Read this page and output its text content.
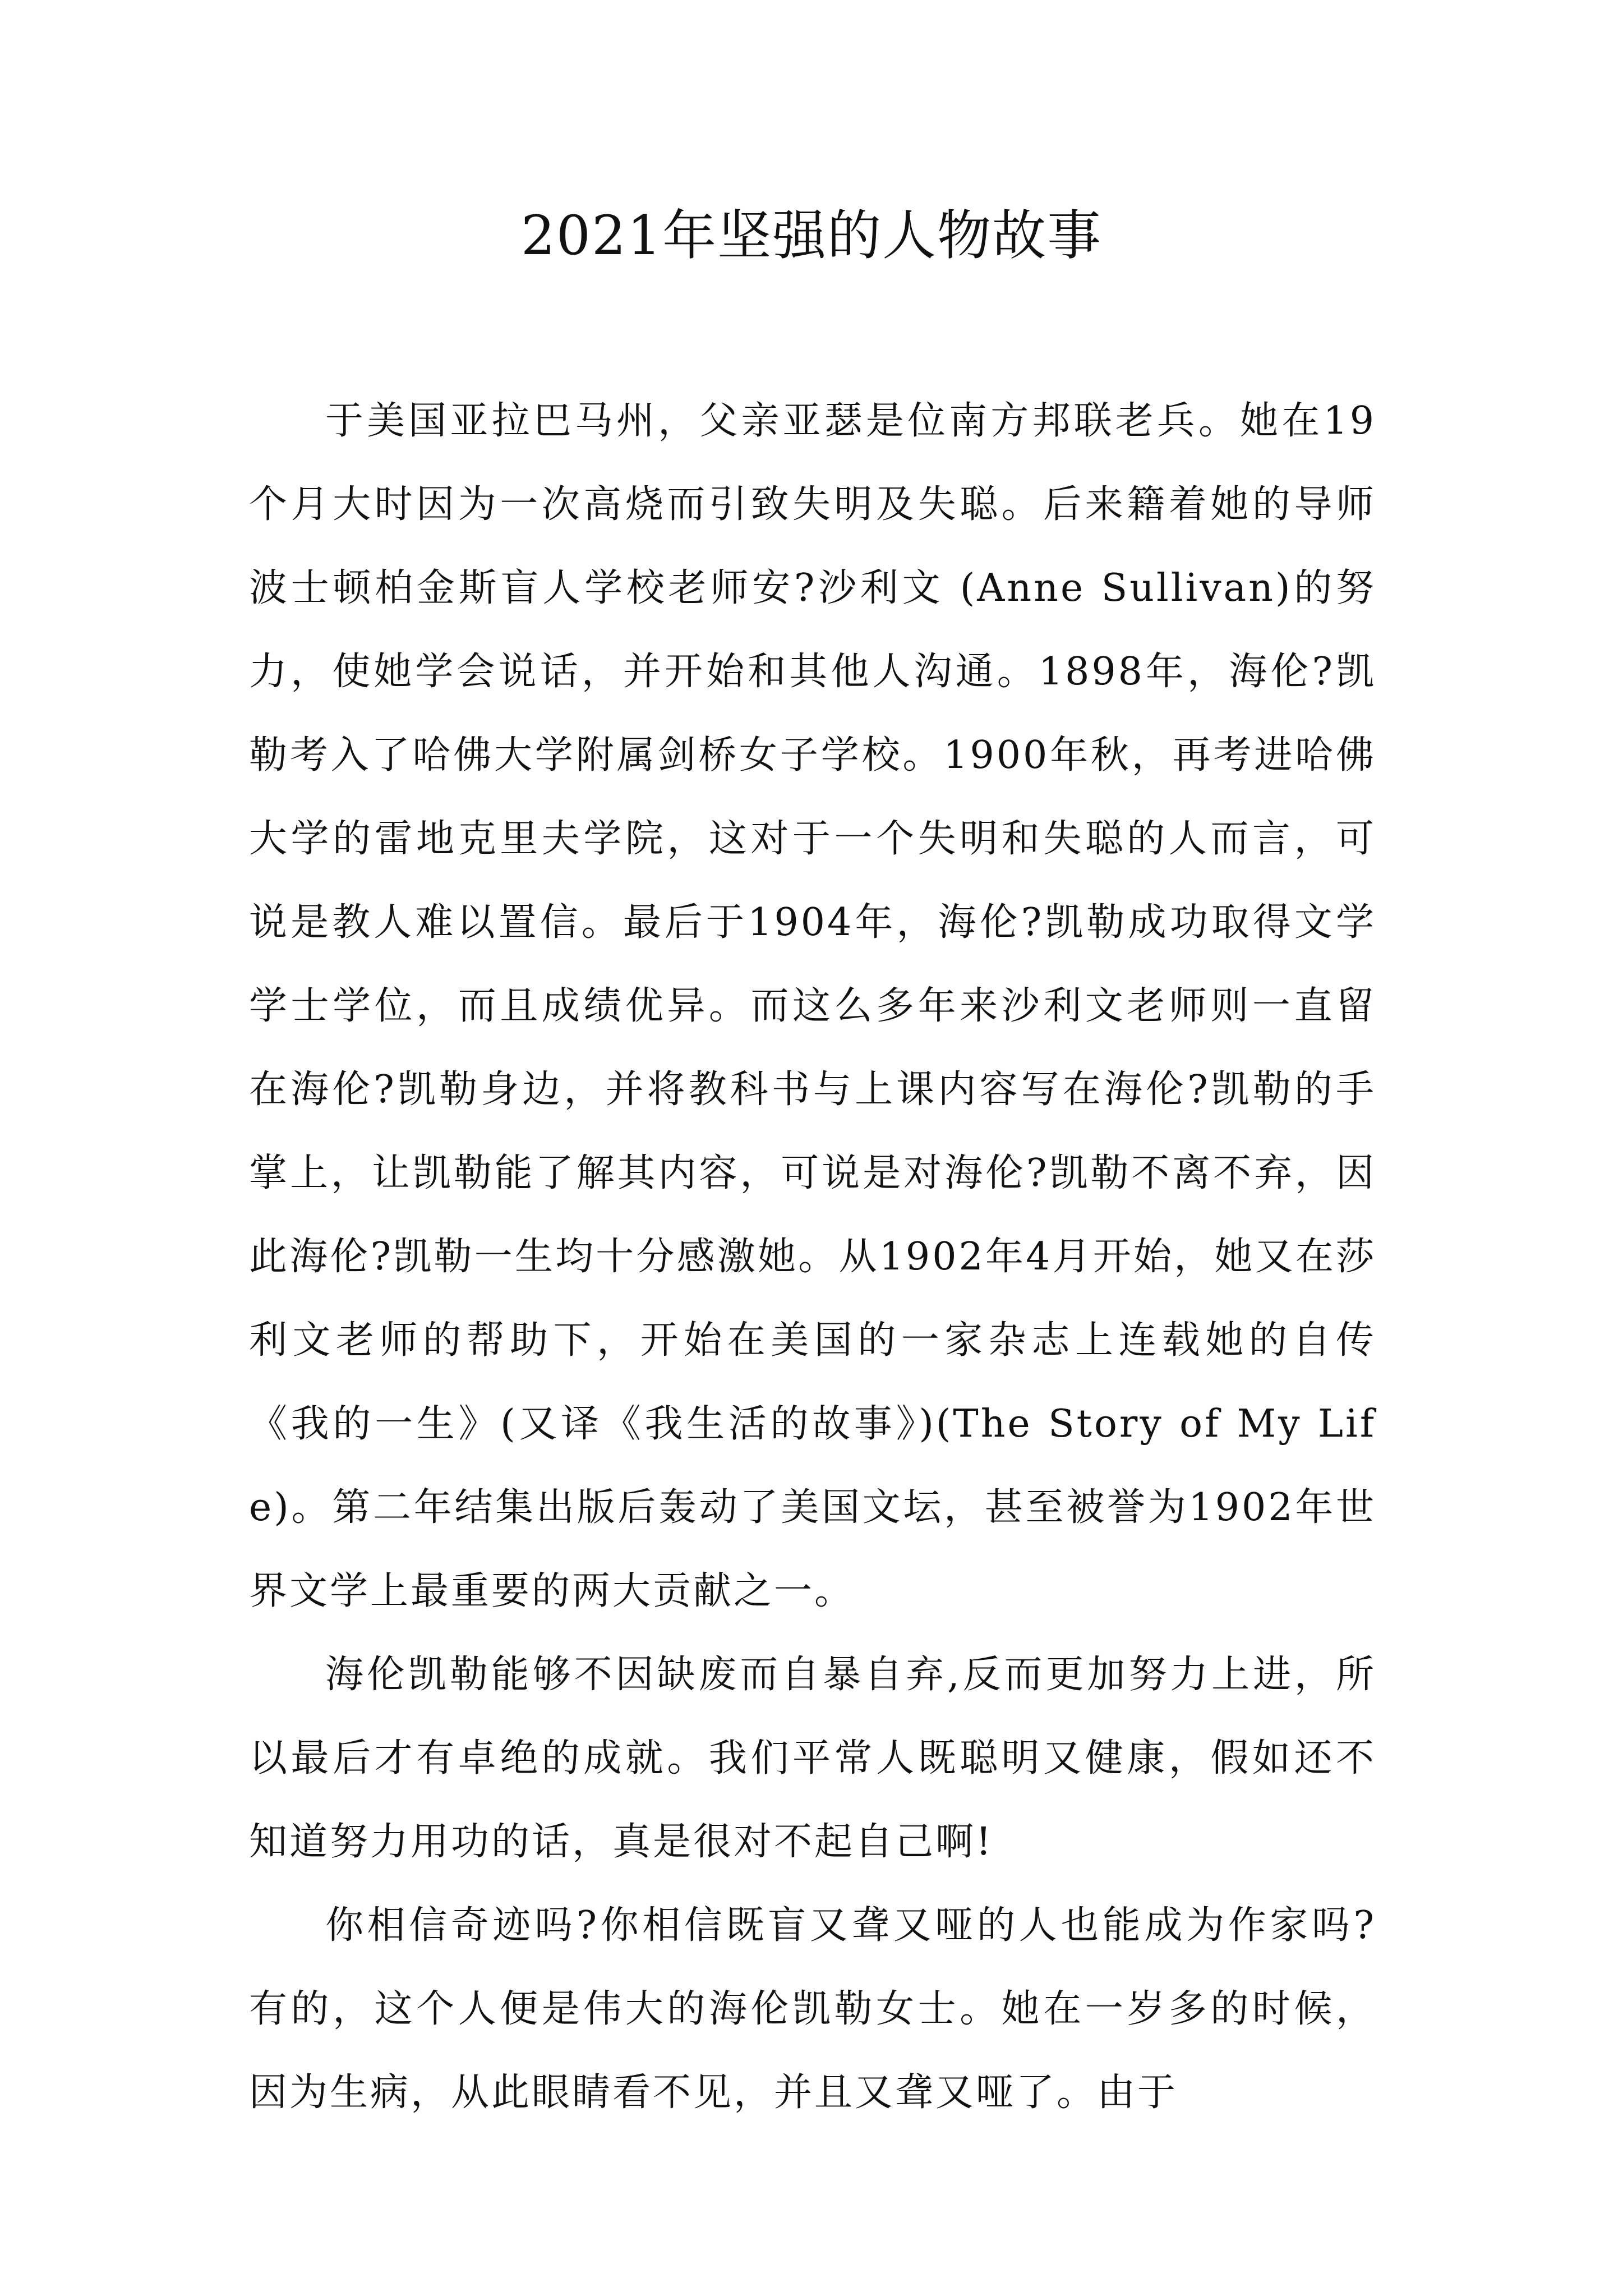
2021年坚强的人物故事

于美国亚拉巴马州，父亲亚瑟是位南方邦联老兵。她在19个月大时因为一次高烧而引致失明及失聪。后来籍着她的导师波士顿柏金斯盲人学校老师安?沙利文 (Anne Sullivan)的努力，使她学会说话，并开始和其他人沟通。1898年，海伦?凯勒考入了哈佛大学附属剑桥女子学校。1900年秋，再考进哈佛大学的雷地克里夫学院，这对于一个失明和失聪的人而言，可说是教人难以置信。最后于1904年，海伦?凯勒成功取得文学学士学位，而且成绩优异。而这么多年来沙利文老师则一直留在海伦?凯勒身边，并将教科书与上课内容写在海伦?凯勒的手掌上，让凯勒能了解其内容，可说是对海伦?凯勒不离不弃，因此海伦?凯勒一生均十分感激她。从1902年4月开始，她又在莎利文老师的帮助下，开始在美国的一家杂志上连载她的自传《我的一生》(又译《我生活的故事》)(The Story of My Life)。第二年结集出版后轰动了美国文坛，甚至被誉为1902年世界文学上最重要的两大贡献之一。

海伦凯勒能够不因缺废而自暴自弃,反而更加努力上进，所以最后才有卓绝的成就。我们平常人既聪明又健康，假如还不知道努力用功的话，真是很对不起自己啊!

你相信奇迹吗?你相信既盲又聋又哑的人也能成为作家吗?有的，这个人便是伟大的海伦凯勒女士。她在一岁多的时候，因为生病，从此眼睛看不见，并且又聋又哑了。由于
